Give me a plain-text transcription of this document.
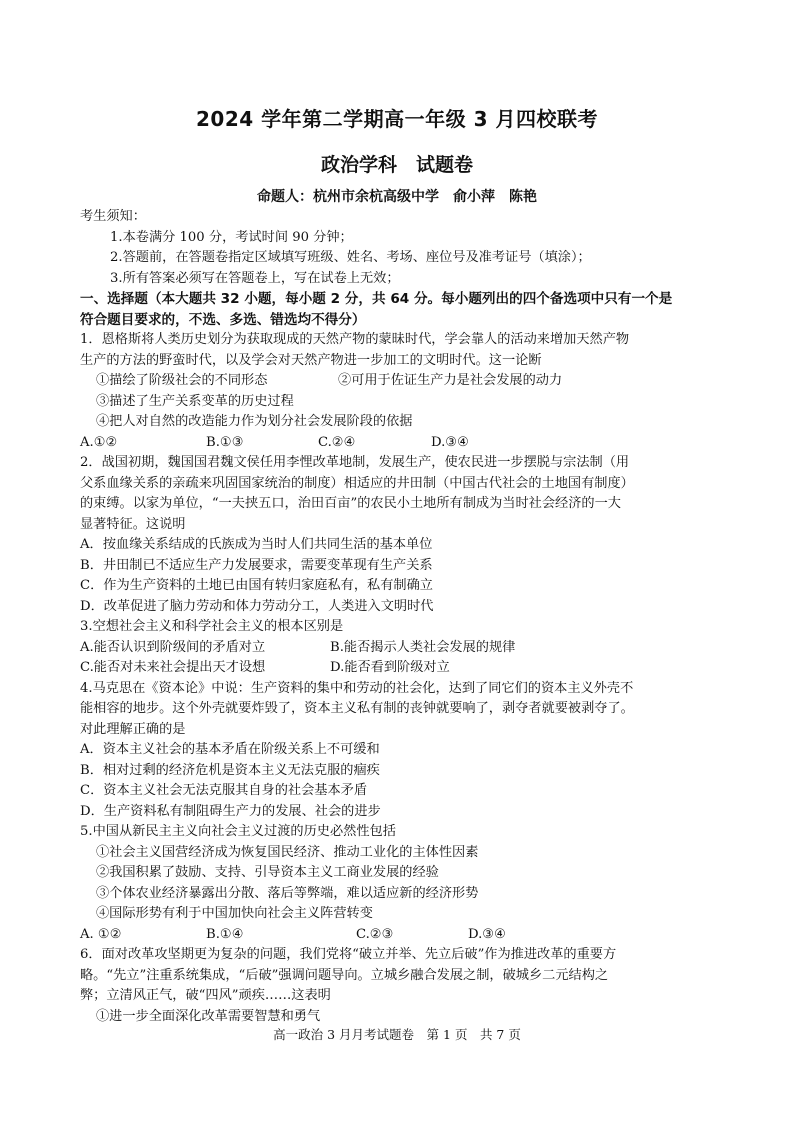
2024 学年第二学期高一年级 3 月四校联考
政治学科　试题卷
命题人：杭州市余杭高级中学　俞小萍　陈艳

考生须知：

1.本卷满分 100 分，考试时间 90 分钟；

2.答题前，在答题卷指定区域填写班级、姓名、考场、座位号及准考证号（填涂）；

3.所有答案必须写在答题卷上，写在试卷上无效；

一、选择题（本大题共 32 小题，每小题 2 分，共 64 分。每小题列出的四个备选项中只有一个是

符合题目要求的，不选、多选、错选均不得分）

1．恩格斯将人类历史划分为获取现成的天然产物的蒙昧时代，学会靠人的活动来增加天然产物

生产的方法的野蛮时代，以及学会对天然产物进一步加工的文明时代。这一论断

①描绘了阶级社会的不同形态	②可用于佐证生产力是社会发展的动力

③描述了生产关系变革的历史过程

④把人对自然的改造能力作为划分社会发展阶段的依据

A.①②	B.①③	C.②④	D.③④

2．战国初期，魏国国君魏文侯任用李悝改革地制，发展生产，使农民进一步摆脱与宗法制（用

父系血缘关系的亲疏来巩固国家统治的制度）相适应的井田制（中国古代社会的土地国有制度）

的束缚。以家为单位，“一夫挟五口，治田百亩”的农民小土地所有制成为当时社会经济的一大

显著特征。这说明

A．按血缘关系结成的氏族成为当时人们共同生活的基本单位

B．井田制已不适应生产力发展要求，需要变革现有生产关系

C．作为生产资料的土地已由国有转归家庭私有，私有制确立

D．改革促进了脑力劳动和体力劳动分工，人类进入文明时代

3.空想社会主义和科学社会主义的根本区别是

A.能否认识到阶级间的矛盾对立	B.能否揭示人类社会发展的规律
C.能否对未来社会提出天才设想	D.能否看到阶级对立

4.马克思在《资本论》中说：生产资料的集中和劳动的社会化，达到了同它们的资本主义外壳不

能相容的地步。这个外壳就要炸毁了，资本主义私有制的丧钟就要响了，剥夺者就要被剥夺了。

对此理解正确的是

A．资本主义社会的基本矛盾在阶级关系上不可缓和

B．相对过剩的经济危机是资本主义无法克服的痼疾

C．资本主义社会无法克服其自身的社会基本矛盾

D．生产资料私有制阻碍生产力的发展、社会的进步

5.中国从新民主主义向社会主义过渡的历史必然性包括

①社会主义国营经济成为恢复国民经济、推动工业化的主体性因素

②我国积累了鼓励、支持、引导资本主义工商业发展的经验

③个体农业经济暴露出分散、落后等弊端，难以适应新的经济形势

④国际形势有利于中国加快向社会主义阵营转变

A. ①②	B.①④	C.②③	D.③④

6．面对改革攻坚期更为复杂的问题，我们党将“破立并举、先立后破”作为推进改革的重要方

略。“先立”注重系统集成，“后破”强调问题导向。立城乡融合发展之制，破城乡二元结构之

弊；立清风正气，破“四风”顽疾……这表明

①进一步全面深化改革需要智慧和勇气

高一政治 3 月月考试题卷　第 1 页　共 7 页
